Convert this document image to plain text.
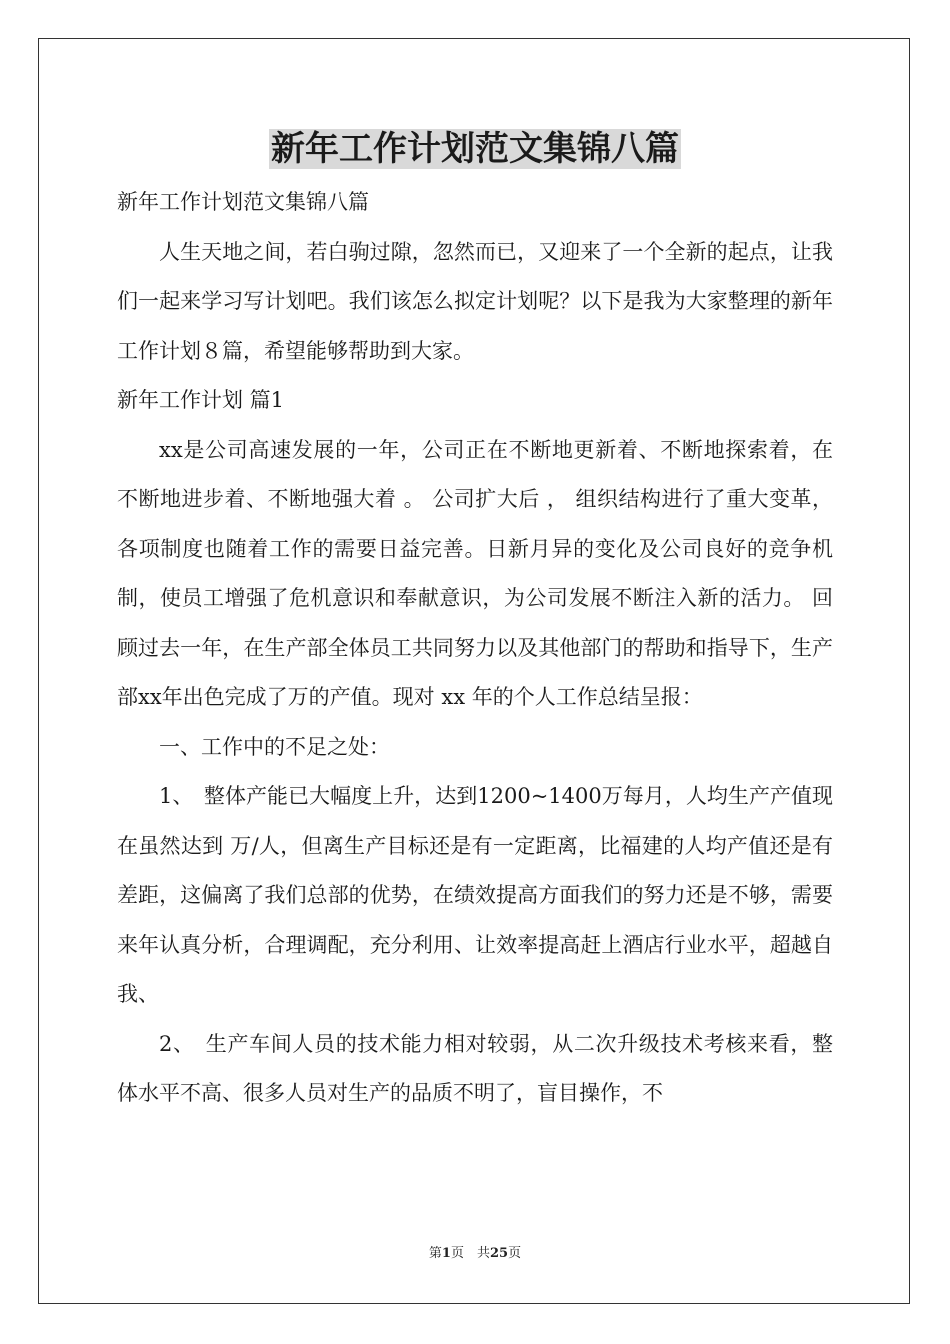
新年工作计划范文集锦八篇

新年工作计划范文集锦八篇

人生天地之间，若白驹过隙，忽然而已，又迎来了一个全新的起点，让我们一起来学习写计划吧。我们该怎么拟定计划呢？以下是我为大家整理的新年工作计划８篇，希望能够帮助到大家。

新年工作计划 篇1

xx是公司高速发展的一年，公司正在不断地更新着、不断地探索着，在不断地进步着、不断地强大着 。 公司扩大后 ， 组织结构进行了重大变革，各项制度也随着工作的需要日益完善。日新月异的变化及公司良好的竞争机制，使员工增强了危机意识和奉献意识，为公司发展不断注入新的活力。 回顾过去一年，在生产部全体员工共同努力以及其他部门的帮助和指导下，生产部xx年出色完成了万的产值。现对 xx 年的个人工作总结呈报：

一、工作中的不足之处：

1、　整体产能已大幅度上升，达到1200~1400万每月，人均生产产值现在虽然达到 万/人，但离生产目标还是有一定距离，比福建的人均产值还是有差距，这偏离了我们总部的优势，在绩效提高方面我们的努力还是不够，需要来年认真分析，合理调配，充分利用、让效率提高赶上酒店行业水平，超越自我、

2、　生产车间人员的技术能力相对较弱，从二次升级技术考核来看，整体水平不高、很多人员对生产的品质不明了，盲目操作，不

第1页　共25页
